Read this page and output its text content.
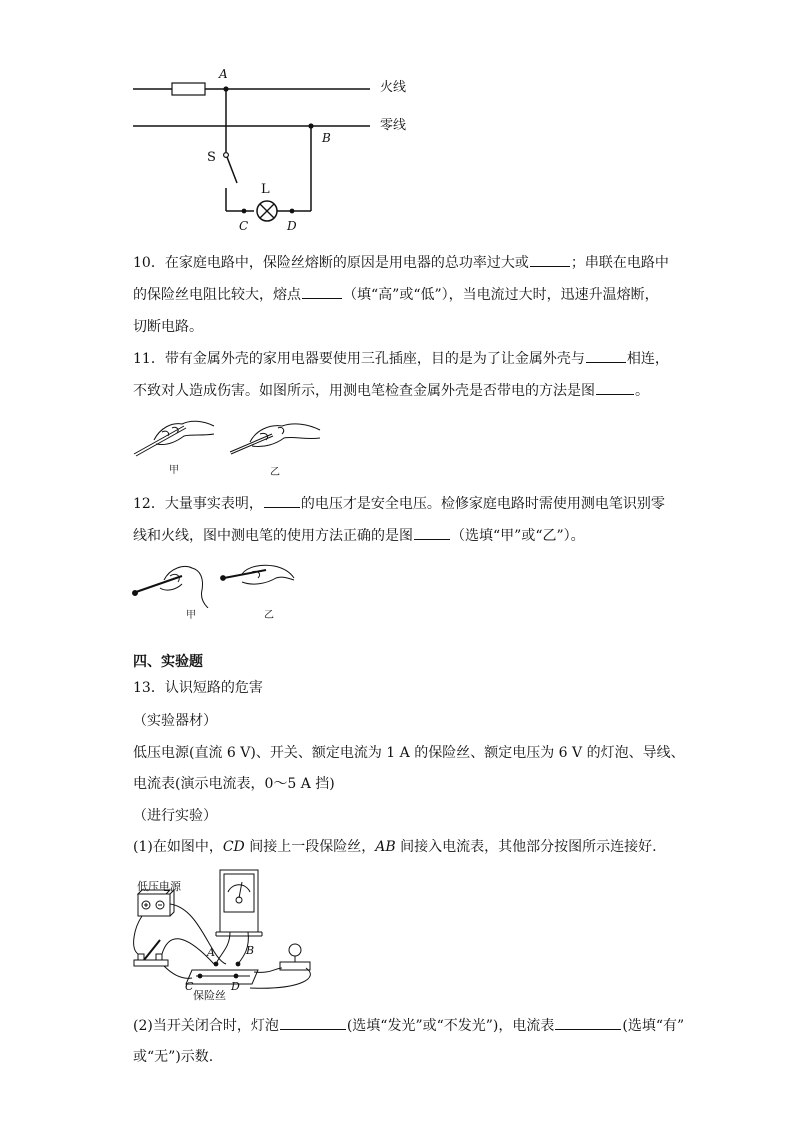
A
B
S
L
C	D
火线
零线
10．在家庭电路中，保险丝熔断的原因是用电器的总功率过大或	；串联在电路中
的保险丝电阻比较大，熔点	（填“高”或“低”），当电流过大时，迅速升温熔断，
切断电路。
11．带有金属外壳的家用电器要使用三孔插座，目的是为了让金属外壳与	相连，
不致对人造成伤害。如图所示，用测电笔检查金属外壳是否带电的方法是图	。
甲	乙
12．大量事实表明，	的电压才是安全电压。检修家庭电路时需使用测电笔识别零
线和火线，图中测电笔的使用方法正确的是图	（选填“甲”或“乙”）。
甲	乙
四、实验题
13．认识短路的危害
（实验器材）
低压电源(直流 6 V)、开关、额定电流为 1 A 的保险丝、额定电压为 6 V 的灯泡、导线、
电流表(演示电流表，0～5 A 挡)
（进行实验）
(1)在如图中，CD 间接上一段保险丝，AB 间接入电流表，其他部分按图所示连接好.
低压电源
A	B
C	D
保险丝
(2)当开关闭合时，灯泡	(选填“发光”或“不发光”)，电流表	(选填“有”
或“无”)示数.
